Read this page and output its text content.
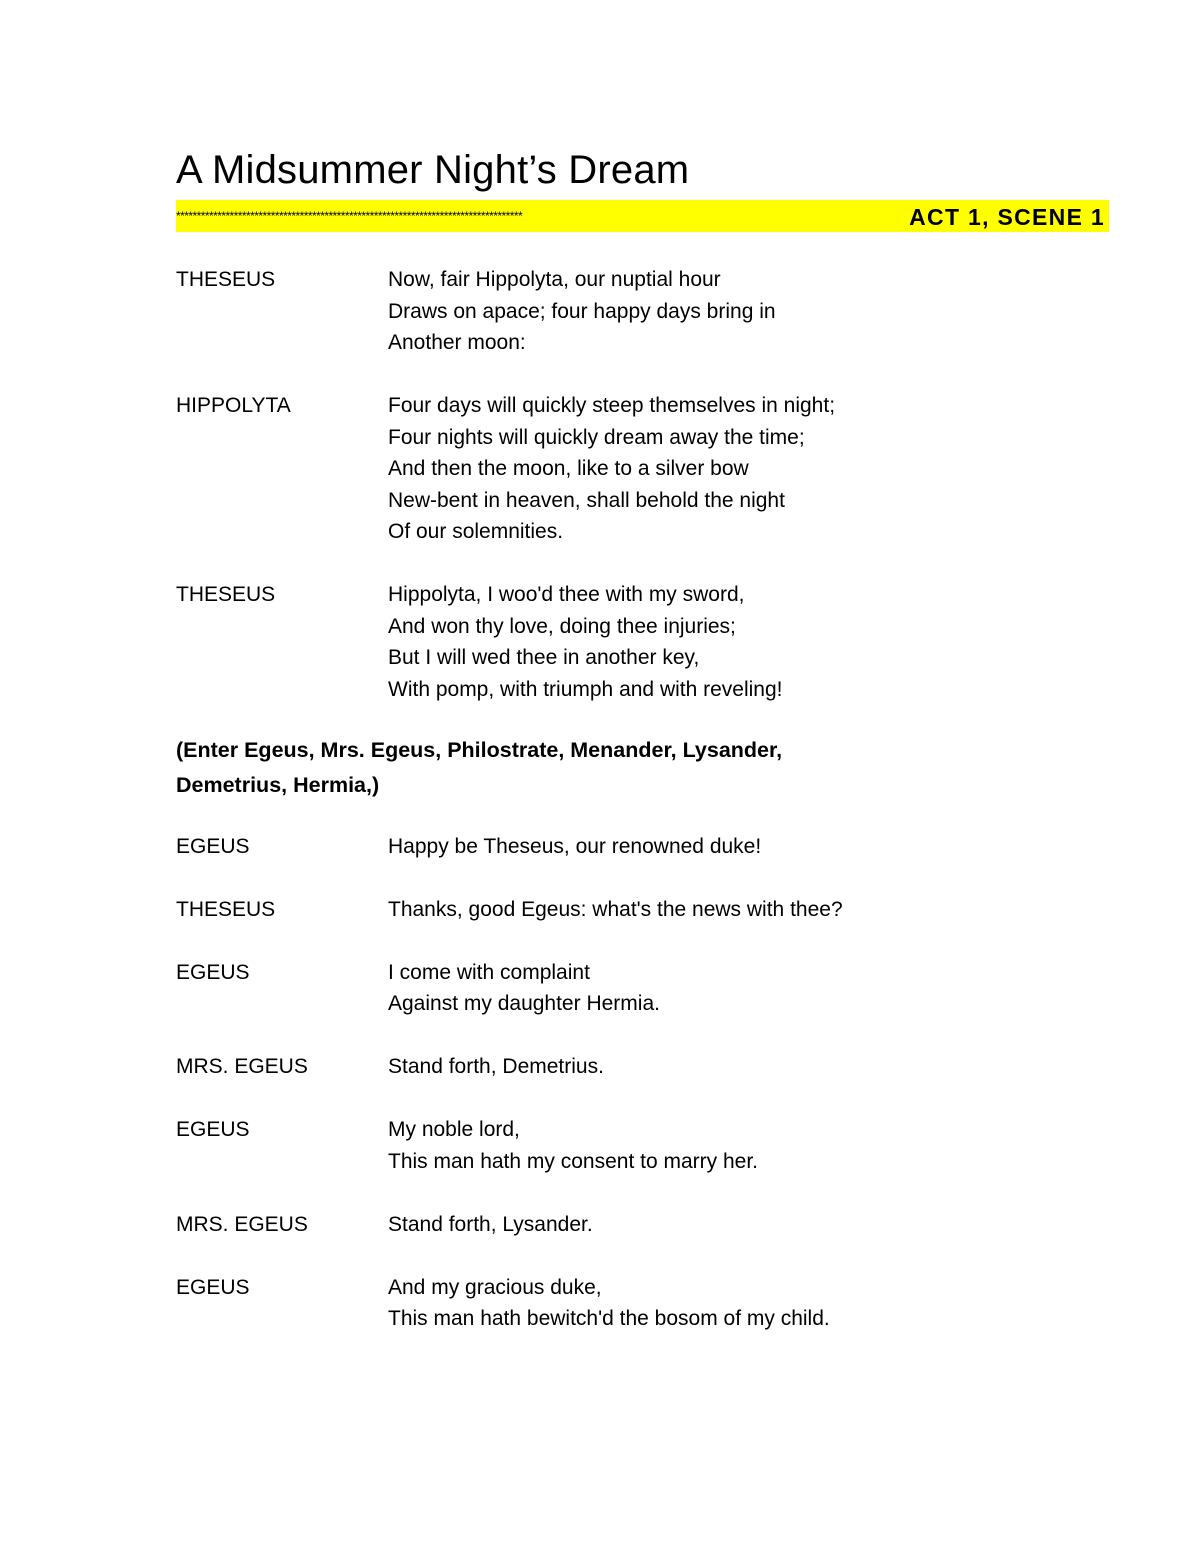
A Midsummer Night’s Dream
************************************************************************************	ACT 1, SCENE 1
THESEUS	Now, fair Hippolyta, our nuptial hour
Draws on apace; four happy days bring in
Another moon:
HIPPOLYTA	Four days will quickly steep themselves in night;
Four nights will quickly dream away the time;
And then the moon, like to a silver bow
New-bent in heaven, shall behold the night
Of our solemnities.
THESEUS	Hippolyta, I woo'd thee with my sword,
And won thy love, doing thee injuries;
But I will wed thee in another key,
With pomp, with triumph and with reveling!
(Enter Egeus, Mrs. Egeus, Philostrate, Menander, Lysander, Demetrius, Hermia,)
EGEUS	Happy be Theseus, our renowned duke!
THESEUS	Thanks, good Egeus: what's the news with thee?
EGEUS	I come with complaint
Against my daughter Hermia.
MRS. EGEUS	Stand forth, Demetrius.
EGEUS	My noble lord,
This man hath my consent to marry her.
MRS. EGEUS	Stand forth, Lysander.
EGEUS	And my gracious duke,
This man hath bewitch'd the bosom of my child.
